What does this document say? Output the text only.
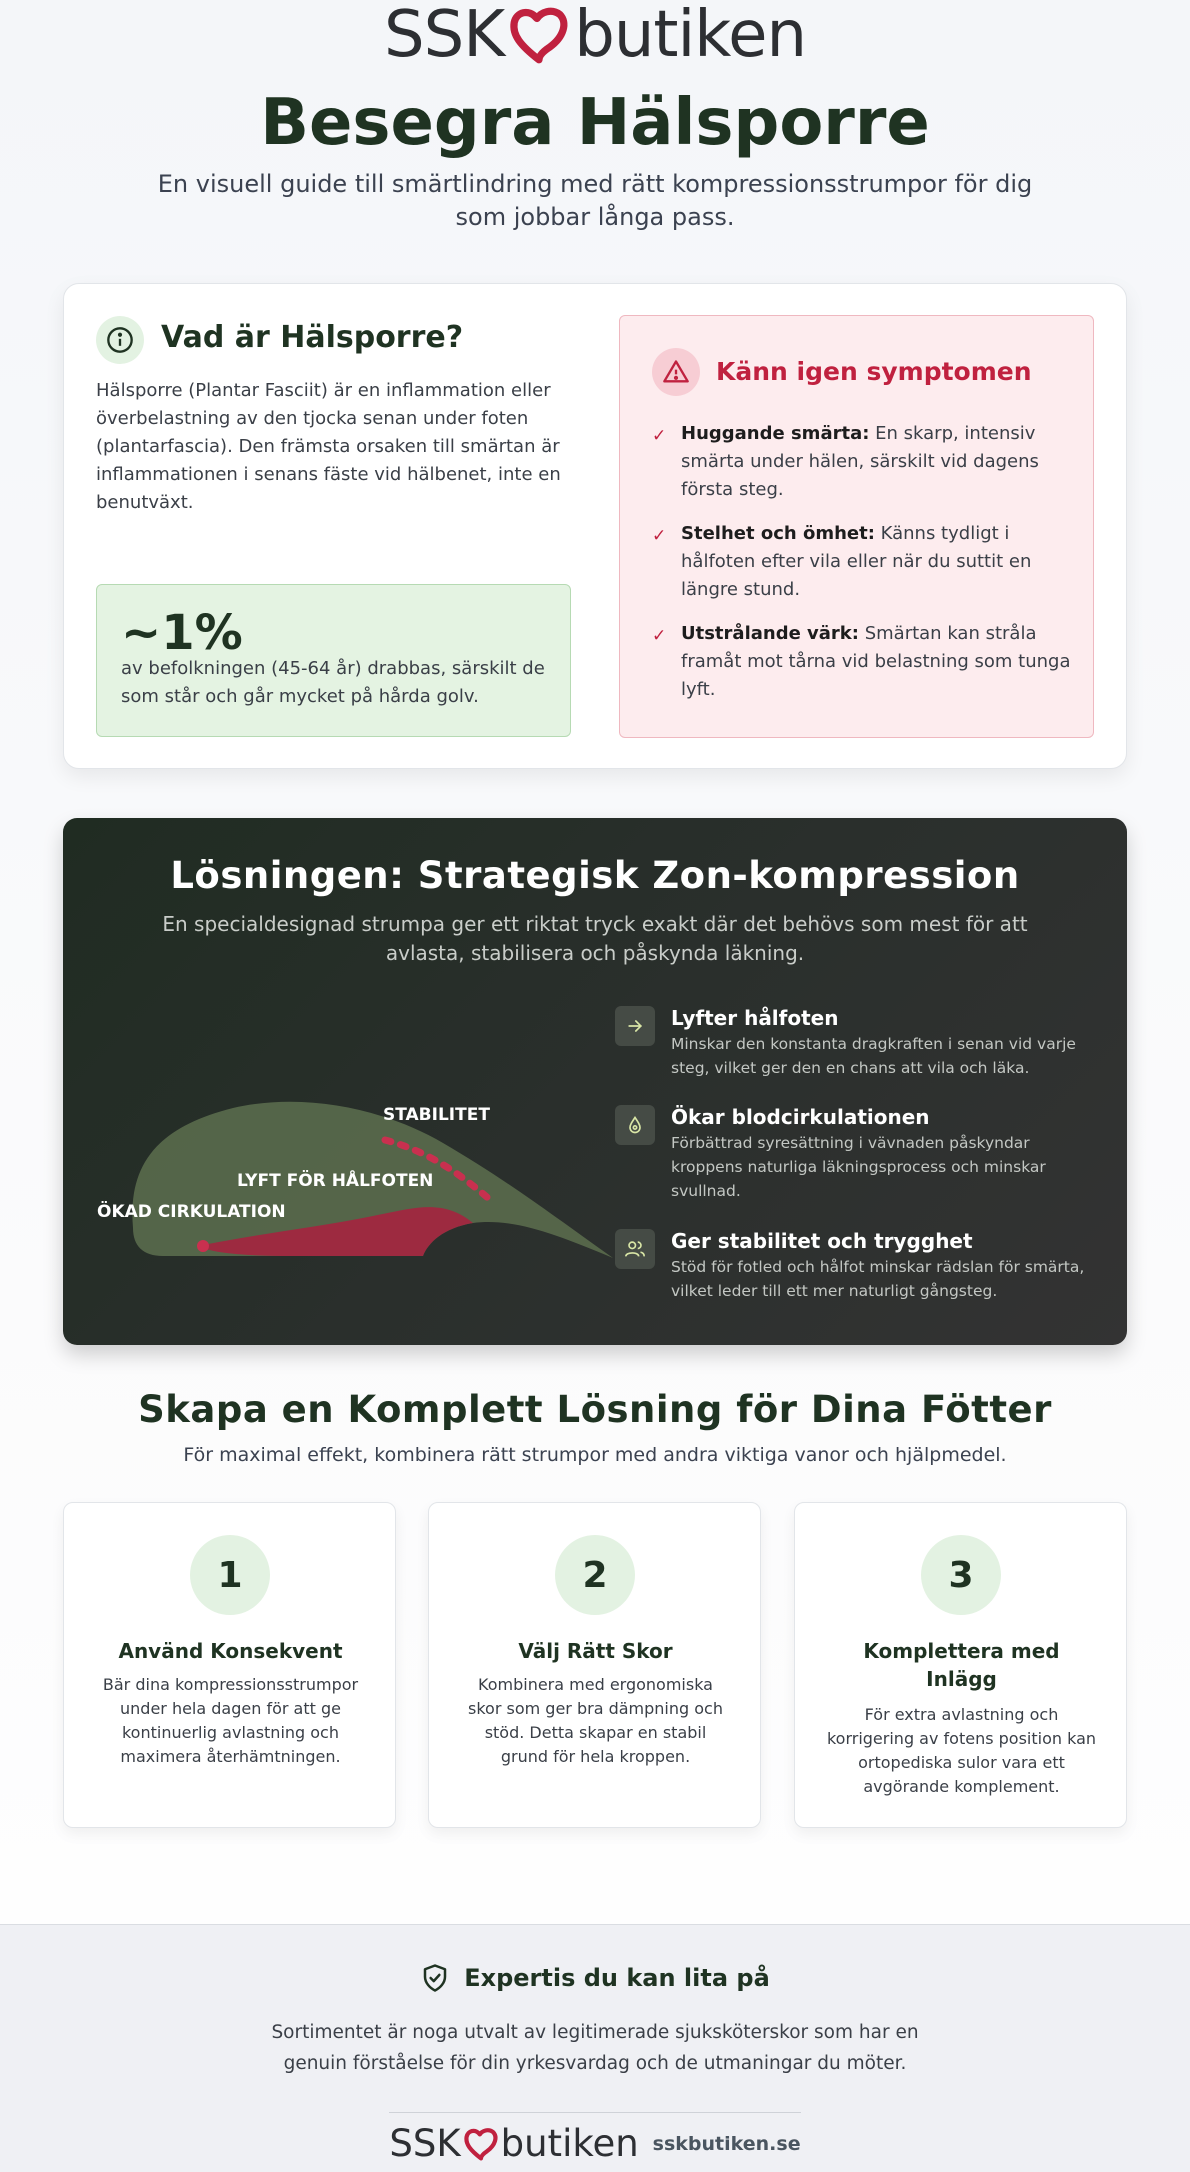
SSK butiken
Besegra Hälsporre
En visuell guide till smärtlindring med rätt kompressionsstrumpor för dig som jobbar långa pass.
Vad är Hälsporre?
Hälsporre (Plantar Fasciit) är en inflammation eller överbelastning av den tjocka senan under foten (plantarfascia). Den främsta orsaken till smärtan är inflammationen i senans fäste vid hälbenet, inte en benutväxt.
~1%
av befolkningen (45-64 år) drabbas, särskilt de som står och går mycket på hårda golv.
Känn igen symptomen
✓ Huggande smärta: En skarp, intensiv smärta under hälen, särskilt vid dagens första steg.
✓ Stelhet och ömhet: Känns tydligt i hålfoten efter vila eller när du suttit en längre stund.
✓ Utstrålande värk: Smärtan kan stråla framåt mot tårna vid belastning som tunga lyft.
Lösningen: Strategisk Zon-kompression
En specialdesignad strumpa ger ett riktat tryck exakt där det behövs som mest för att avlasta, stabilisera och påskynda läkning.
STABILITET
LYFT FÖR HÅLFOTEN
ÖKAD CIRKULATION
Lyfter hålfoten
Minskar den konstanta dragkraften i senan vid varje steg, vilket ger den en chans att vila och läka.
Ökar blodcirkulationen
Förbättrad syresättning i vävnaden påskyndar kroppens naturliga läkningsprocess och minskar svullnad.
Ger stabilitet och trygghet
Stöd för fotled och hålfot minskar rädslan för smärta, vilket leder till ett mer naturligt gångsteg.
Skapa en Komplett Lösning för Dina Fötter
För maximal effekt, kombinera rätt strumpor med andra viktiga vanor och hjälpmedel.
1
Använd Konsekvent
Bär dina kompressionsstrumpor under hela dagen för att ge kontinuerlig avlastning och maximera återhämtningen.
2
Välj Rätt Skor
Kombinera med ergonomiska skor som ger bra dämpning och stöd. Detta skapar en stabil grund för hela kroppen.
3
Komplettera med Inlägg
För extra avlastning och korrigering av fotens position kan ortopediska sulor vara ett avgörande komplement.
Expertis du kan lita på
Sortimentet är noga utvalt av legitimerade sjuksköterskor som har en genuin förståelse för din yrkesvardag och de utmaningar du möter.
SSK butiken sskbutiken.se
